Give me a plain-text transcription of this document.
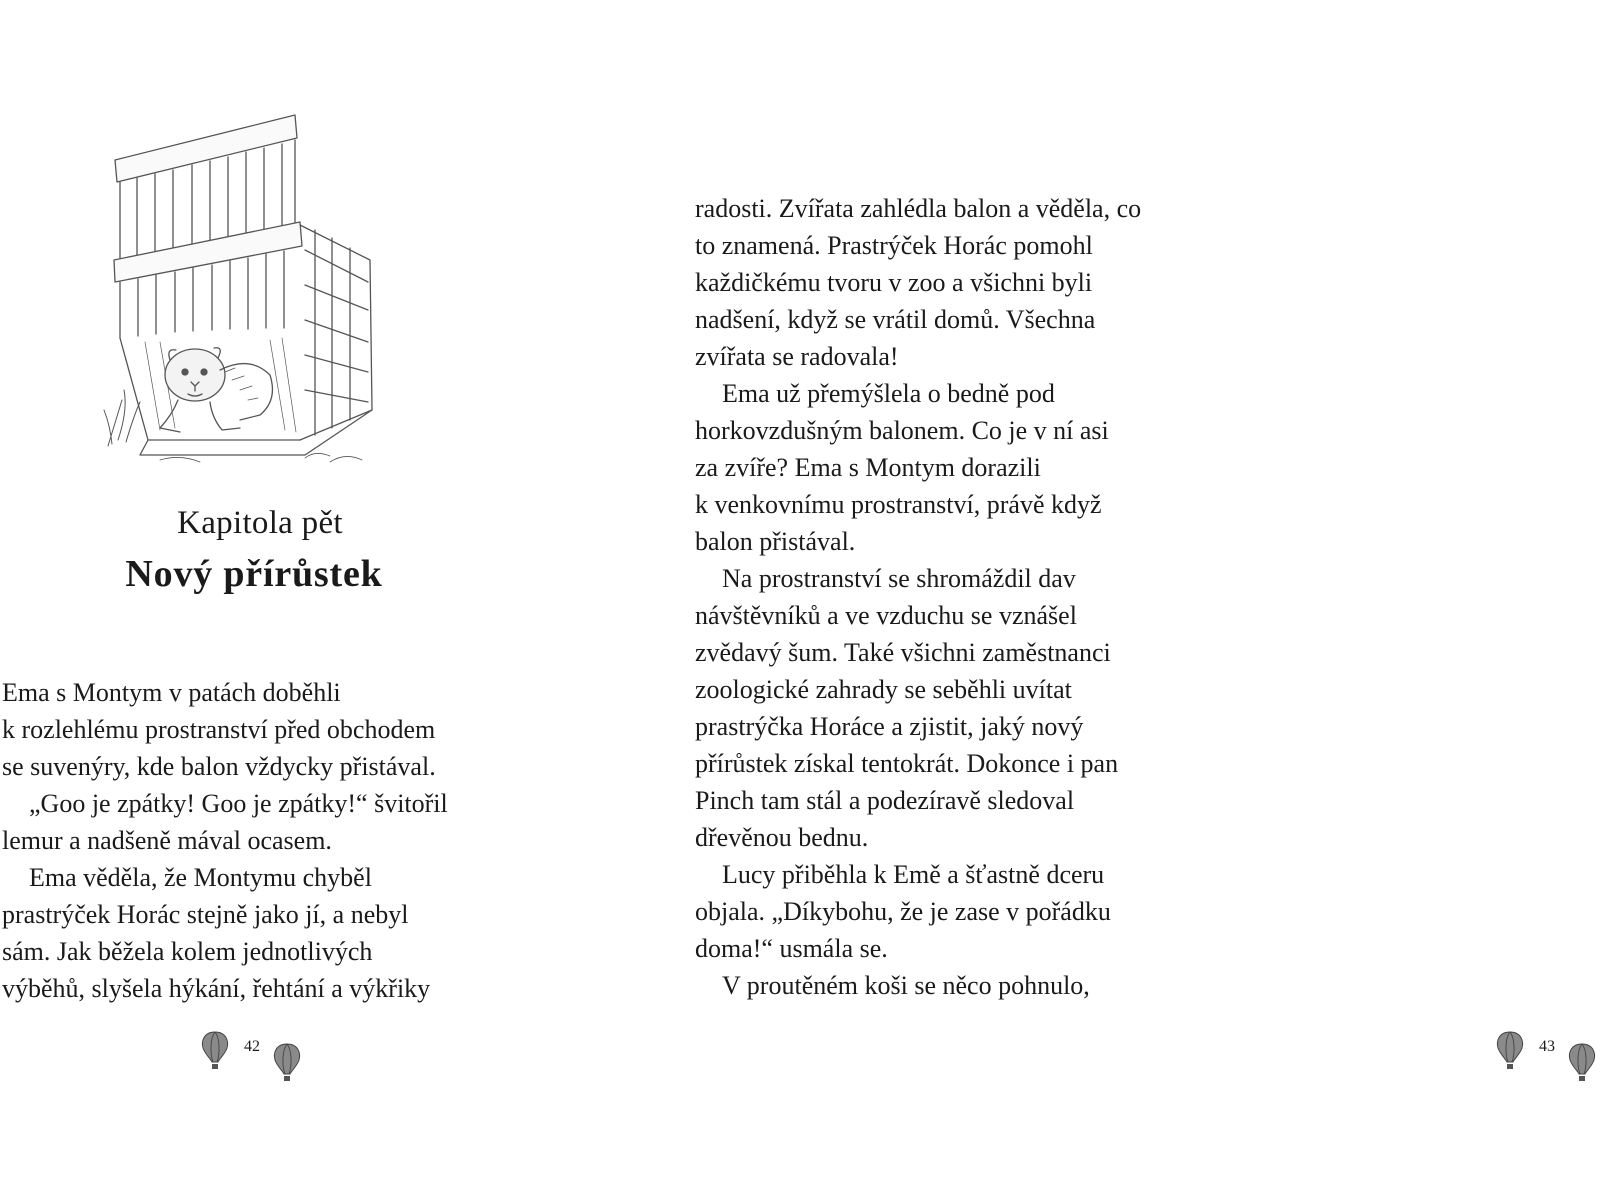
Kapitola pět
Nový přírůstek
Ema s Montym v patách doběhli
k rozlehlému prostranství před obchodem
se suvenýry, kde balon vždycky přistával.
„Goo je zpátky! Goo je zpátky!“ švitořil
lemur a nadšeně mával ocasem.
Ema věděla, že Montymu chyběl
prastrýček Horác stejně jako jí, a nebyl
sám. Jak běžela kolem jednotlivých
výběhů, slyšela hýkání, řehtání a výkřiky
42
radosti. Zvířata zahlédla balon a věděla, co
to znamená. Prastrýček Horác pomohl
každičkému tvoru v zoo a všichni byli
nadšení, když se vrátil domů. Všechna
zvířata se radovala!
Ema už přemýšlela o bedně pod
horkovzdušným balonem. Co je v ní asi
za zvíře? Ema s Montym dorazili
k venkovnímu prostranství, právě když
balon přistával.
Na prostranství se shromáždil dav
návštěvníků a ve vzduchu se vznášel
zvědavý šum. Také všichni zaměstnanci
zoologické zahrady se seběhli uvítat
prastrýčka Horáce a zjistit, jaký nový
přírůstek získal tentokrát. Dokonce i pan
Pinch tam stál a podezíravě sledoval
dřevěnou bednu.
Lucy přiběhla k Emě a šťastně dceru
objala. „Díkybohu, že je zase v pořádku
doma!“ usmála se.
V proutěném koši se něco pohnulo,
43
